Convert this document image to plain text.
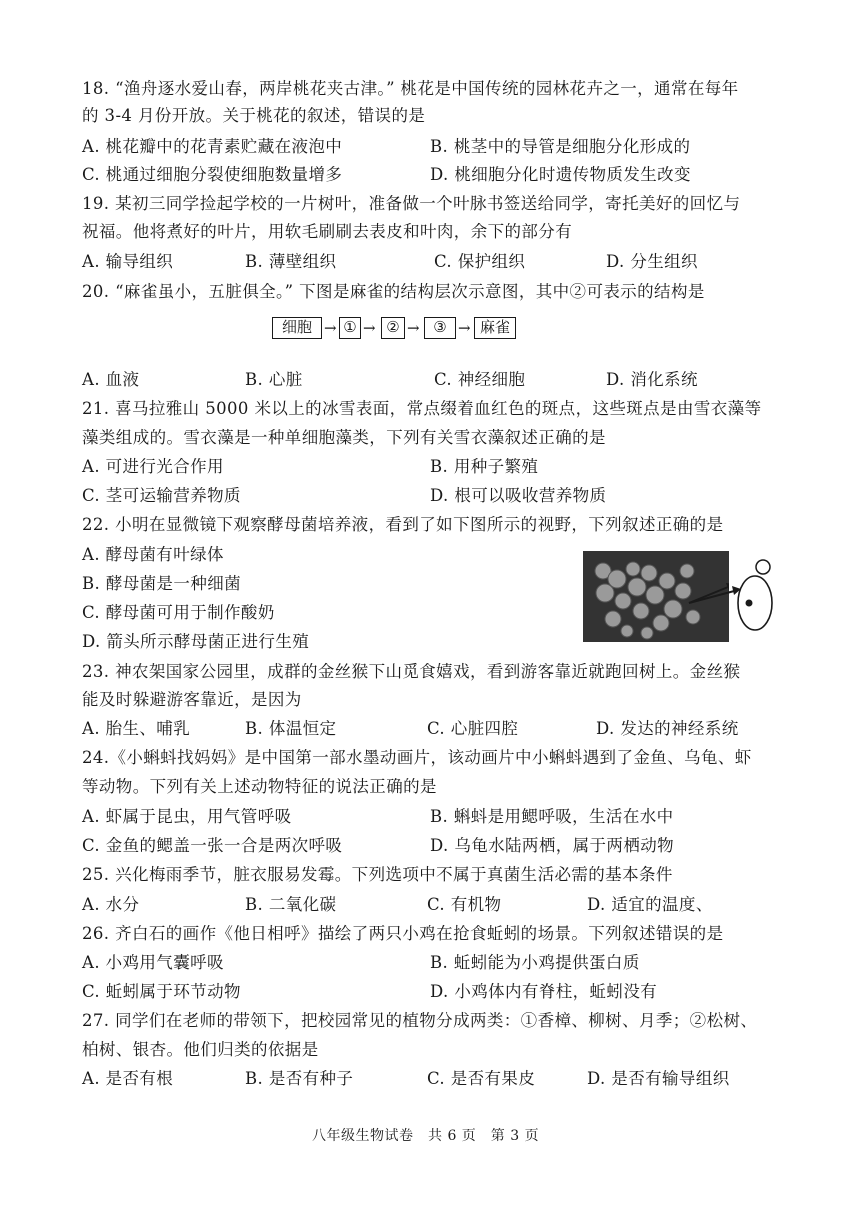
18. “渔舟逐水爱山春，两岸桃花夹古津。” 桃花是中国传统的园林花卉之一，通常在每年
的 3-4 月份开放。关于桃花的叙述，错误的是
A. 桃花瓣中的花青素贮藏在液泡中	B. 桃茎中的导管是细胞分化形成的
C. 桃通过细胞分裂使细胞数量增多	D. 桃细胞分化时遗传物质发生改变
19. 某初三同学捡起学校的一片树叶，准备做一个叶脉书签送给同学，寄托美好的回忆与
祝福。他将煮好的叶片，用软毛刷刷去表皮和叶肉，余下的部分有
A. 输导组织	B. 薄壁组织	C. 保护组织	D. 分生组织
20. “麻雀虽小，五脏俱全。” 下图是麻雀的结构层次示意图，其中②可表示的结构是
细胞 → ① → ② → ③ → 麻雀
A. 血液	B. 心脏	C. 神经细胞	D. 消化系统
21. 喜马拉雅山 5000 米以上的冰雪表面，常点缀着血红色的斑点，这些斑点是由雪衣藻等
藻类组成的。雪衣藻是一种单细胞藻类，下列有关雪衣藻叙述正确的是
A. 可进行光合作用	B. 用种子繁殖
C. 茎可运输营养物质	D. 根可以吸收营养物质
22. 小明在显微镜下观察酵母菌培养液，看到了如下图所示的视野，下列叙述正确的是
A. 酵母菌有叶绿体
B. 酵母菌是一种细菌
C. 酵母菌可用于制作酸奶
D. 箭头所示酵母菌正进行生殖
23. 神农架国家公园里，成群的金丝猴下山觅食嬉戏，看到游客靠近就跑回树上。金丝猴
能及时躲避游客靠近，是因为
A. 胎生、哺乳	B. 体温恒定	C. 心脏四腔	D. 发达的神经系统
24.《小蝌蚪找妈妈》是中国第一部水墨动画片，该动画片中小蝌蚪遇到了金鱼、乌龟、虾
等动物。下列有关上述动物特征的说法正确的是
A. 虾属于昆虫，用气管呼吸	B. 蝌蚪是用鳃呼吸，生活在水中
C. 金鱼的鳃盖一张一合是两次呼吸	D. 乌龟水陆两栖，属于两栖动物
25. 兴化梅雨季节，脏衣服易发霉。下列选项中不属于真菌生活必需的基本条件
A. 水分	B. 二氧化碳	C. 有机物	D. 适宜的温度、
26. 齐白石的画作《他日相呼》描绘了两只小鸡在抢食蚯蚓的场景。下列叙述错误的是
A. 小鸡用气囊呼吸	B. 蚯蚓能为小鸡提供蛋白质
C. 蚯蚓属于环节动物	D. 小鸡体内有脊柱，蚯蚓没有
27. 同学们在老师的带领下，把校园常见的植物分成两类：①香樟、柳树、月季；②松树、
柏树、银杏。他们归类的依据是
A. 是否有根	B. 是否有种子	C. 是否有果皮	D. 是否有输导组织
八年级生物试卷　共 6 页　第 3 页
